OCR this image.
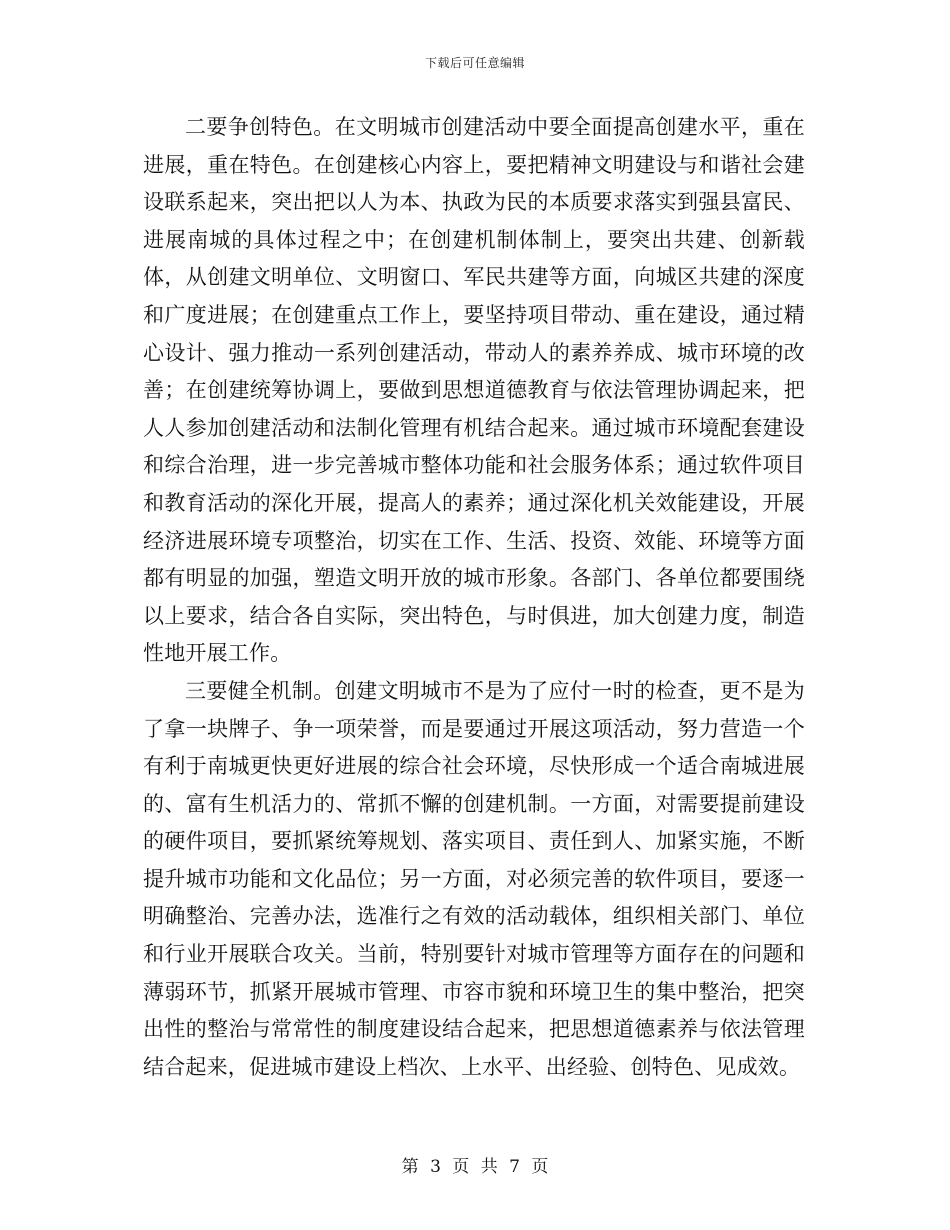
下载后可任意编辑

二要争创特色。在文明城市创建活动中要全面提高创建水平，重在进展，重在特色。在创建核心内容上，要把精神文明建设与和谐社会建设联系起来，突出把以人为本、执政为民的本质要求落实到强县富民、进展南城的具体过程之中；在创建机制体制上，要突出共建、创新载体，从创建文明单位、文明窗口、军民共建等方面，向城区共建的深度和广度进展；在创建重点工作上，要坚持项目带动、重在建设，通过精心设计、强力推动一系列创建活动，带动人的素养养成、城市环境的改善；在创建统筹协调上，要做到思想道德教育与依法管理协调起来，把人人参加创建活动和法制化管理有机结合起来。通过城市环境配套建设和综合治理，进一步完善城市整体功能和社会服务体系；通过软件项目和教育活动的深化开展，提高人的素养；通过深化机关效能建设，开展经济进展环境专项整治，切实在工作、生活、投资、效能、环境等方面都有明显的加强，塑造文明开放的城市形象。各部门、各单位都要围绕以上要求，结合各自实际，突出特色，与时俱进，加大创建力度，制造性地开展工作。

三要健全机制。创建文明城市不是为了应付一时的检查，更不是为了拿一块牌子、争一项荣誉，而是要通过开展这项活动，努力营造一个有利于南城更快更好进展的综合社会环境，尽快形成一个适合南城进展的、富有生机活力的、常抓不懈的创建机制。一方面，对需要提前建设的硬件项目，要抓紧统筹规划、落实项目、责任到人、加紧实施，不断提升城市功能和文化品位；另一方面，对必须完善的软件项目，要逐一明确整治、完善办法，选准行之有效的活动载体，组织相关部门、单位和行业开展联合攻关。当前，特别要针对城市管理等方面存在的问题和薄弱环节，抓紧开展城市管理、市容市貌和环境卫生的集中整治，把突出性的整治与常常性的制度建设结合起来，把思想道德素养与依法管理结合起来，促进城市建设上档次、上水平、出经验、创特色、见成效。

第 3 页 共 7 页
